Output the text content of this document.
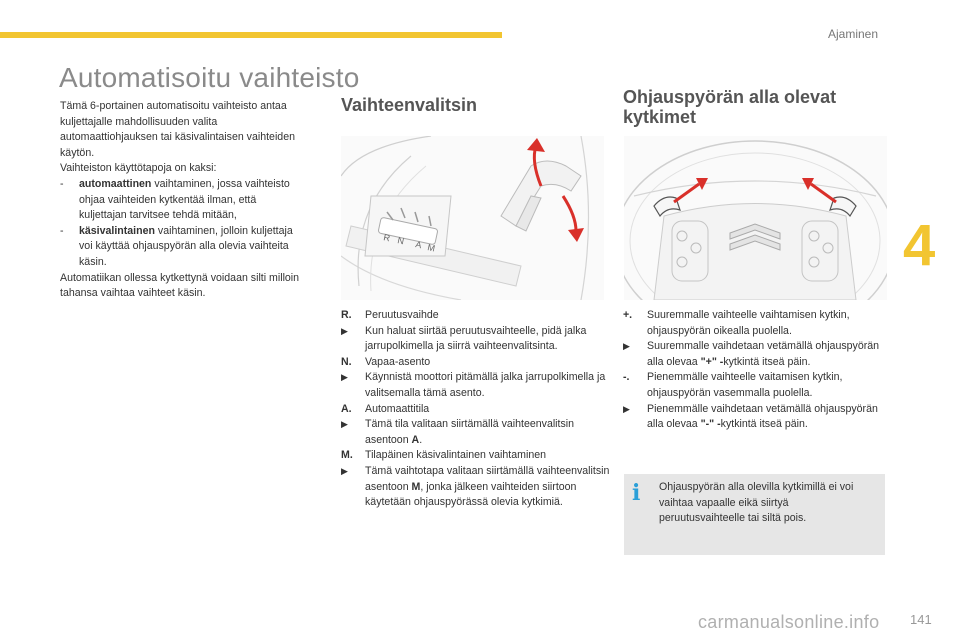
Ajaminen
4
Automatisoitu vaihteisto

Tämä 6-portainen automatisoitu vaihteisto antaa kuljettajalle mahdollisuuden valita automaattiohjauksen tai käsivalintaisen vaihteiden käytön.

Vaihteiston käyttötapoja on kaksi:

- automaattinen vaihtaminen, jossa vaihteisto ohjaa vaihteiden kytkentää ilman, että kuljettajan tarvitsee tehdä mitään,

- käsivalintainen vaihtaminen, jolloin kuljettaja voi käyttää ohjauspyörän alla olevia vaihteita käsin.

Automatiikan ollessa kytkettynä voidaan silti milloin tahansa vaihtaa vaihteet käsin.

Vaihteenvalitsin
R N A M
R.	Peruutusvaihde
▶	Kun haluat siirtää peruutusvaihteelle, pidä jalka jarrupolkimella ja siirrä vaihteenvalitsinta.
N.	Vapaa-asento
▶	Käynnistä moottori pitämällä jalka jarrupolkimella ja valitsemalla tämä asento.
A.	Automaattitila
▶	Tämä tila valitaan siirtämällä vaihteenvalitsin asentoon A.
M.	Tilapäinen käsivalintainen vaihtaminen
▶	Tämä vaihtotapa valitaan siirtämällä vaihteenvalitsin asentoon M, jonka jälkeen vaihteiden siirtoon käytetään ohjauspyörässä olevia kytkimiä.
Ohjauspyörän alla olevat kytkimet
+.	Suuremmalle vaihteelle vaihtamisen kytkin, ohjauspyörän oikealla puolella.
▶	Suuremmalle vaihdetaan vetämällä ohjauspyörän alla olevaa "+" -kytkintä itseä päin.
-.	Pienemmälle vaihteelle vaitamisen kytkin, ohjauspyörän vasemmalla puolella.
▶	Pienemmälle vaihdetaan vetämällä ohjauspyörän alla olevaa "-" -kytkintä itseä päin.
i Ohjauspyörän alla olevilla kytkimillä ei voi vaihtaa vapaalle eikä siirtyä peruutusvaihteelle tai siltä pois.
carmanualsonline.info 141
